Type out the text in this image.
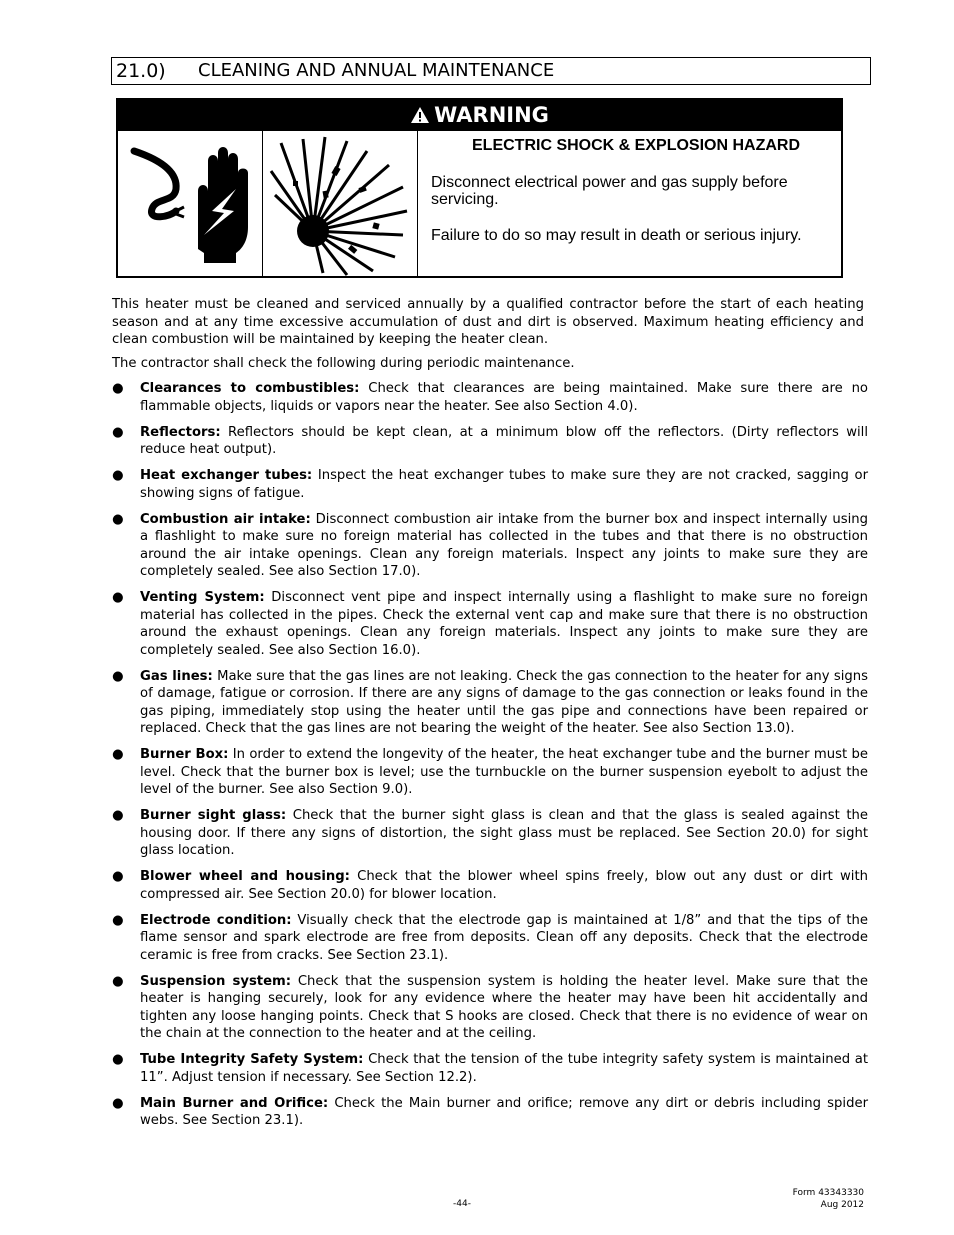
21.0) CLEANING AND ANNUAL MAINTENANCE
WARNING
ELECTRIC SHOCK & EXPLOSION HAZARD
Disconnect electrical power and gas supply before servicing.
Failure to do so may result in death or serious injury.
This heater must be cleaned and serviced annually by a qualified contractor before the start of each heating season and at any time excessive accumulation of dust and dirt is observed. Maximum heating efficiency and clean combustion will be maintained by keeping the heater clean.
The contractor shall check the following during periodic maintenance.
● Clearances to combustibles: Check that clearances are being maintained. Make sure there are no flammable objects, liquids or vapors near the heater. See also Section 4.0).
● Reflectors: Reflectors should be kept clean, at a minimum blow off the reflectors. (Dirty reflectors will reduce heat output).
● Heat exchanger tubes: Inspect the heat exchanger tubes to make sure they are not cracked, sagging or showing signs of fatigue.
● Combustion air intake: Disconnect combustion air intake from the burner box and inspect internally using a flashlight to make sure no foreign material has collected in the tubes and that there is no obstruction around the air intake openings. Clean any foreign materials. Inspect any joints to make sure they are completely sealed. See also Section 17.0).
● Venting System: Disconnect vent pipe and inspect internally using a flashlight to make sure no foreign material has collected in the pipes. Check the external vent cap and make sure that there is no obstruction around the exhaust openings. Clean any foreign materials. Inspect any joints to make sure they are completely sealed. See also Section 16.0).
● Gas lines: Make sure that the gas lines are not leaking. Check the gas connection to the heater for any signs of damage, fatigue or corrosion. If there are any signs of damage to the gas connection or leaks found in the gas piping, immediately stop using the heater until the gas pipe and connections have been repaired or replaced. Check that the gas lines are not bearing the weight of the heater. See also Section 13.0).
● Burner Box: In order to extend the longevity of the heater, the heat exchanger tube and the burner must be level. Check that the burner box is level; use the turnbuckle on the burner suspension eyebolt to adjust the level of the burner. See also Section 9.0).
● Burner sight glass: Check that the burner sight glass is clean and that the glass is sealed against the housing door. If there any signs of distortion, the sight glass must be replaced. See Section 20.0) for sight glass location.
● Blower wheel and housing: Check that the blower wheel spins freely, blow out any dust or dirt with compressed air. See Section 20.0) for blower location.
● Electrode condition: Visually check that the electrode gap is maintained at 1/8” and that the tips of the flame sensor and spark electrode are free from deposits. Clean off any deposits. Check that the electrode ceramic is free from cracks. See Section 23.1).
● Suspension system: Check that the suspension system is holding the heater level. Make sure that the heater is hanging securely, look for any evidence where the heater may have been hit accidentally and tighten any loose hanging points. Check that S hooks are closed. Check that there is no evidence of wear on the chain at the connection to the heater and at the ceiling.
● Tube Integrity Safety System: Check that the tension of the tube integrity safety system is maintained at 11”. Adjust tension if necessary. See Section 12.2).
● Main Burner and Orifice: Check the Main burner and orifice; remove any dirt or debris including spider webs. See Section 23.1).
-44-
Form 43343330
Aug 2012
